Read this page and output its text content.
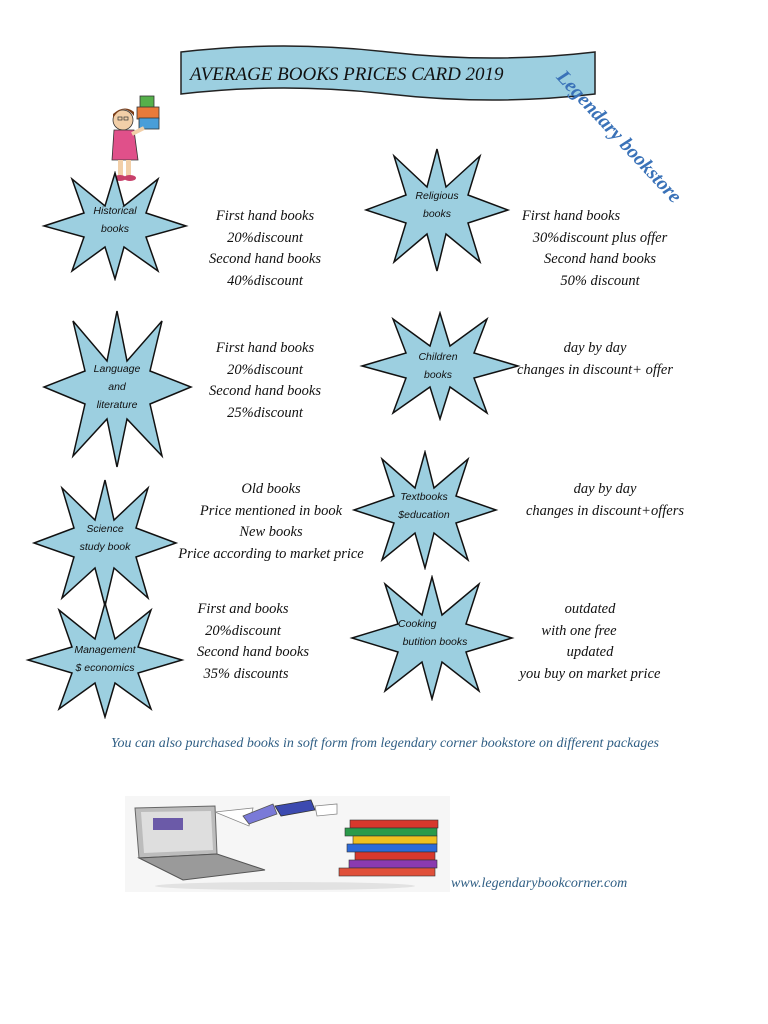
AVERAGE BOOKS PRICES CARD 2019 Legendary bookstore
Historical
books
First hand books
20%discount
Second hand books
40%discount
Religious
books	First hand books
30%discount plus offer
Second hand books
50% discount
Language
and
literature
First hand books
20%discount
Second hand books
25%discount
Children
books
day by day
changes in discount+ offer
Science
study book
Old books
Price mentioned in book
New books
Price according to market price
Textbooks
$education
day by day
changes in discount+offers
Management
$ economics
First and books
20%discount
Second hand books
35% discounts
Cooking
butition books
outdated
with one free
updated
you buy on market price
You can also purchased books in soft form from legendary corner bookstore on different packages
www.legendarybookcorner.com
